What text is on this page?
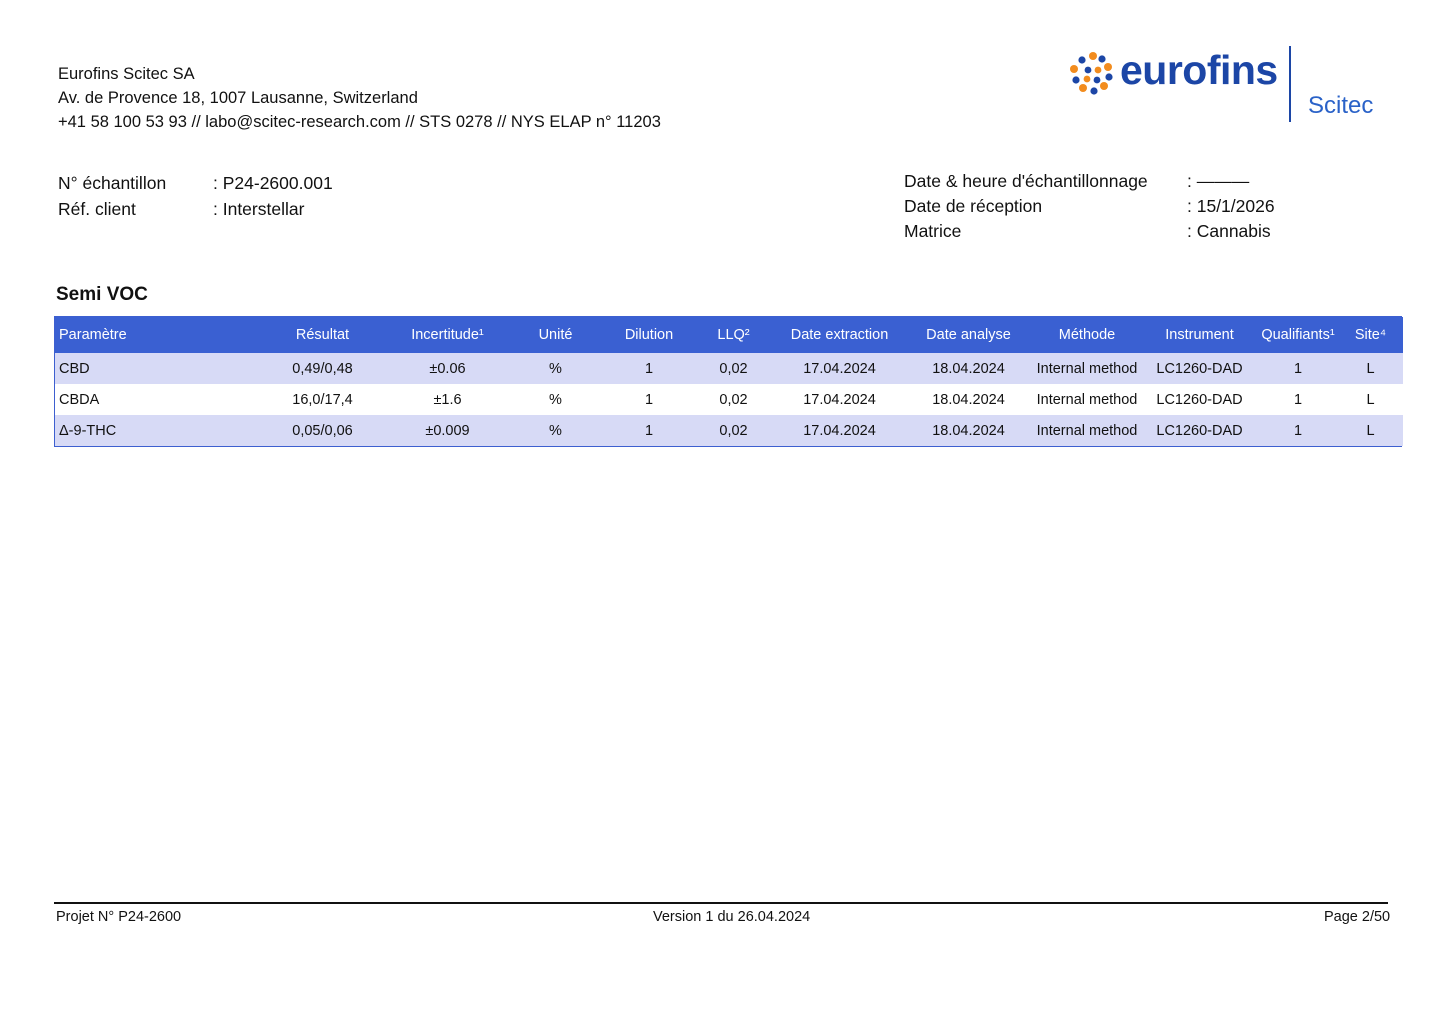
Eurofins Scitec SA
Av. de Provence 18, 1007 Lausanne, Switzerland
+41 58 100 53 93 // labo@scitec-research.com // STS 0278 // NYS ELAP n° 11203
eurofins
Scitec
N° échantillon	: P24-2600.001
Réf. client	: Interstellar
Date & heure d'échantillonnage	: ———
Date de réception	: 15/1/2026
Matrice	: Cannabis
Semi VOC
Paramètre	Résultat	Incertitude¹	Unité	Dilution	LLQ²	Date extraction	Date analyse	Méthode	Instrument	Qualifiants¹	Site⁴
CBD	0,49/0,48	±0.06	%	1	0,02	17.04.2024	18.04.2024	Internal method	LC1260-DAD	1	L
CBDA	16,0/17,4	±1.6	%	1	0,02	17.04.2024	18.04.2024	Internal method	LC1260-DAD	1	L
Δ-9-THC	0,05/0,06	±0.009	%	1	0,02	17.04.2024	18.04.2024	Internal method	LC1260-DAD	1	L
Projet N° P24-2600	Version 1 du 26.04.2024	Page 2/50
